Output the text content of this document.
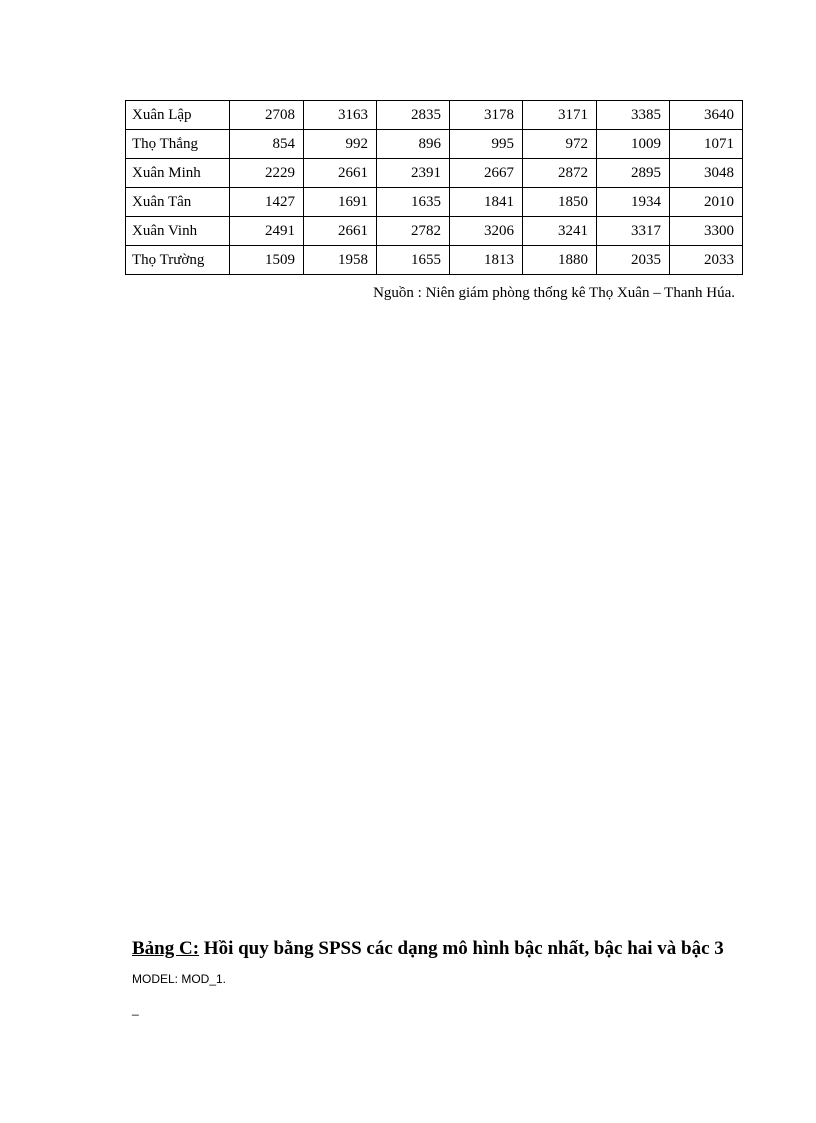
Xuân Lập	2708	3163	2835	3178	3171	3385	3640
Thọ Thắng	854	992	896	995	972	1009	1071
Xuân Minh	2229	2661	2391	2667	2872	2895	3048
Xuân Tân	1427	1691	1635	1841	1850	1934	2010
Xuân Vinh	2491	2661	2782	3206	3241	3317	3300
Thọ Trường	1509	1958	1655	1813	1880	2035	2033
Nguồn : Niên giám phòng thống kê Thọ Xuân – Thanh Húa.
Bảng C: Hồi quy bằng SPSS các dạng mô hình bậc nhất, bậc hai và bậc 3
MODEL: MOD_1.
_
